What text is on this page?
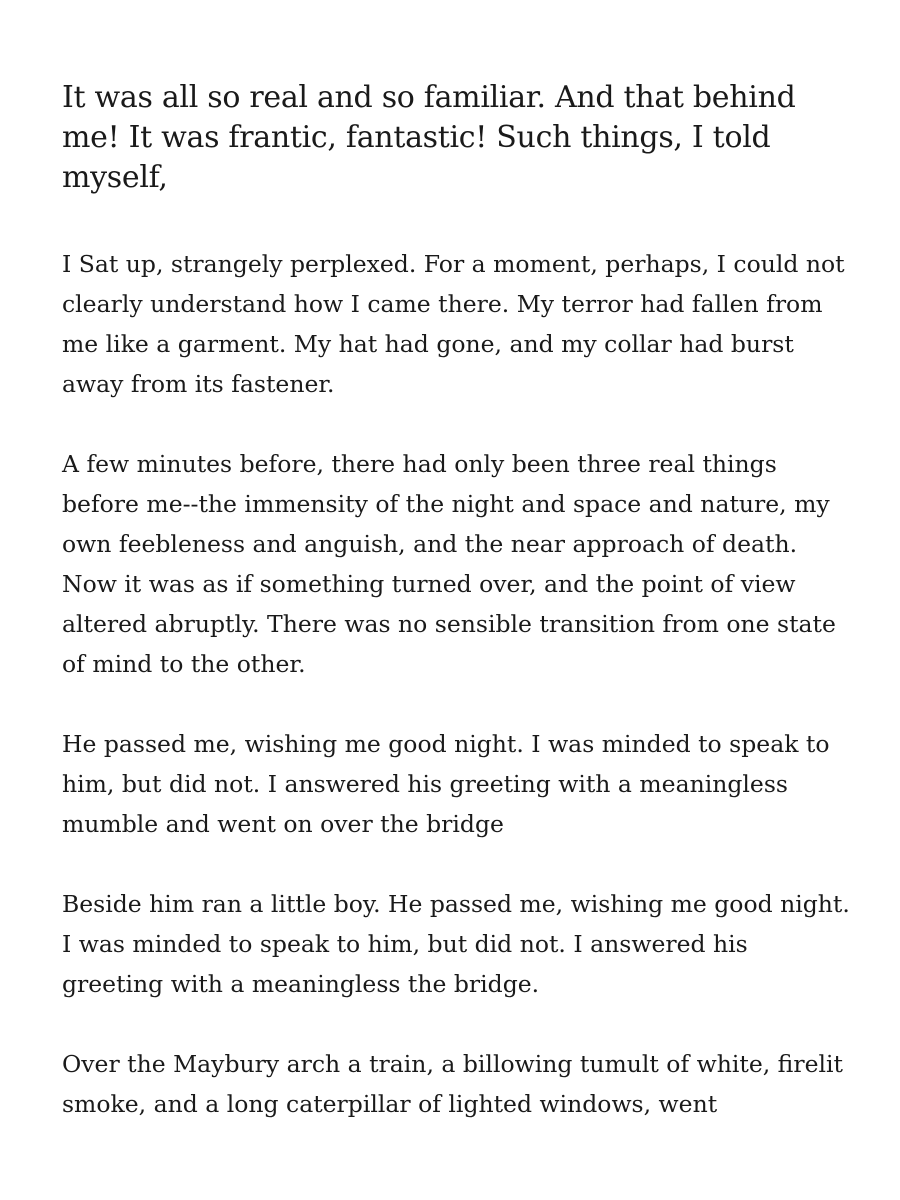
It was all so real and so familiar. And that behind me! It was frantic, fantastic! Such things, I told myself,

I Sat up, strangely perplexed. For a moment, perhaps, I could not clearly understand how I came there. My terror had fallen from me like a garment. My hat had gone, and my collar had burst away from its fastener.

A few minutes before, there had only been three real things before me--the immensity of the night and space and nature, my own feebleness and anguish, and the near approach of death. Now it was as if something turned over, and the point of view altered abruptly. There was no sensible transition from one state of mind to the other.

He passed me, wishing me good night. I was minded to speak to him, but did not. I answered his greeting with a meaningless mumble and went on over the bridge

Beside him ran a little boy. He passed me, wishing me good night. I was minded to speak to him, but did not. I answered his greeting with a meaningless the bridge.

Over the Maybury arch a train, a billowing tumult of white, firelit smoke, and a long caterpillar of lighted windows, went
